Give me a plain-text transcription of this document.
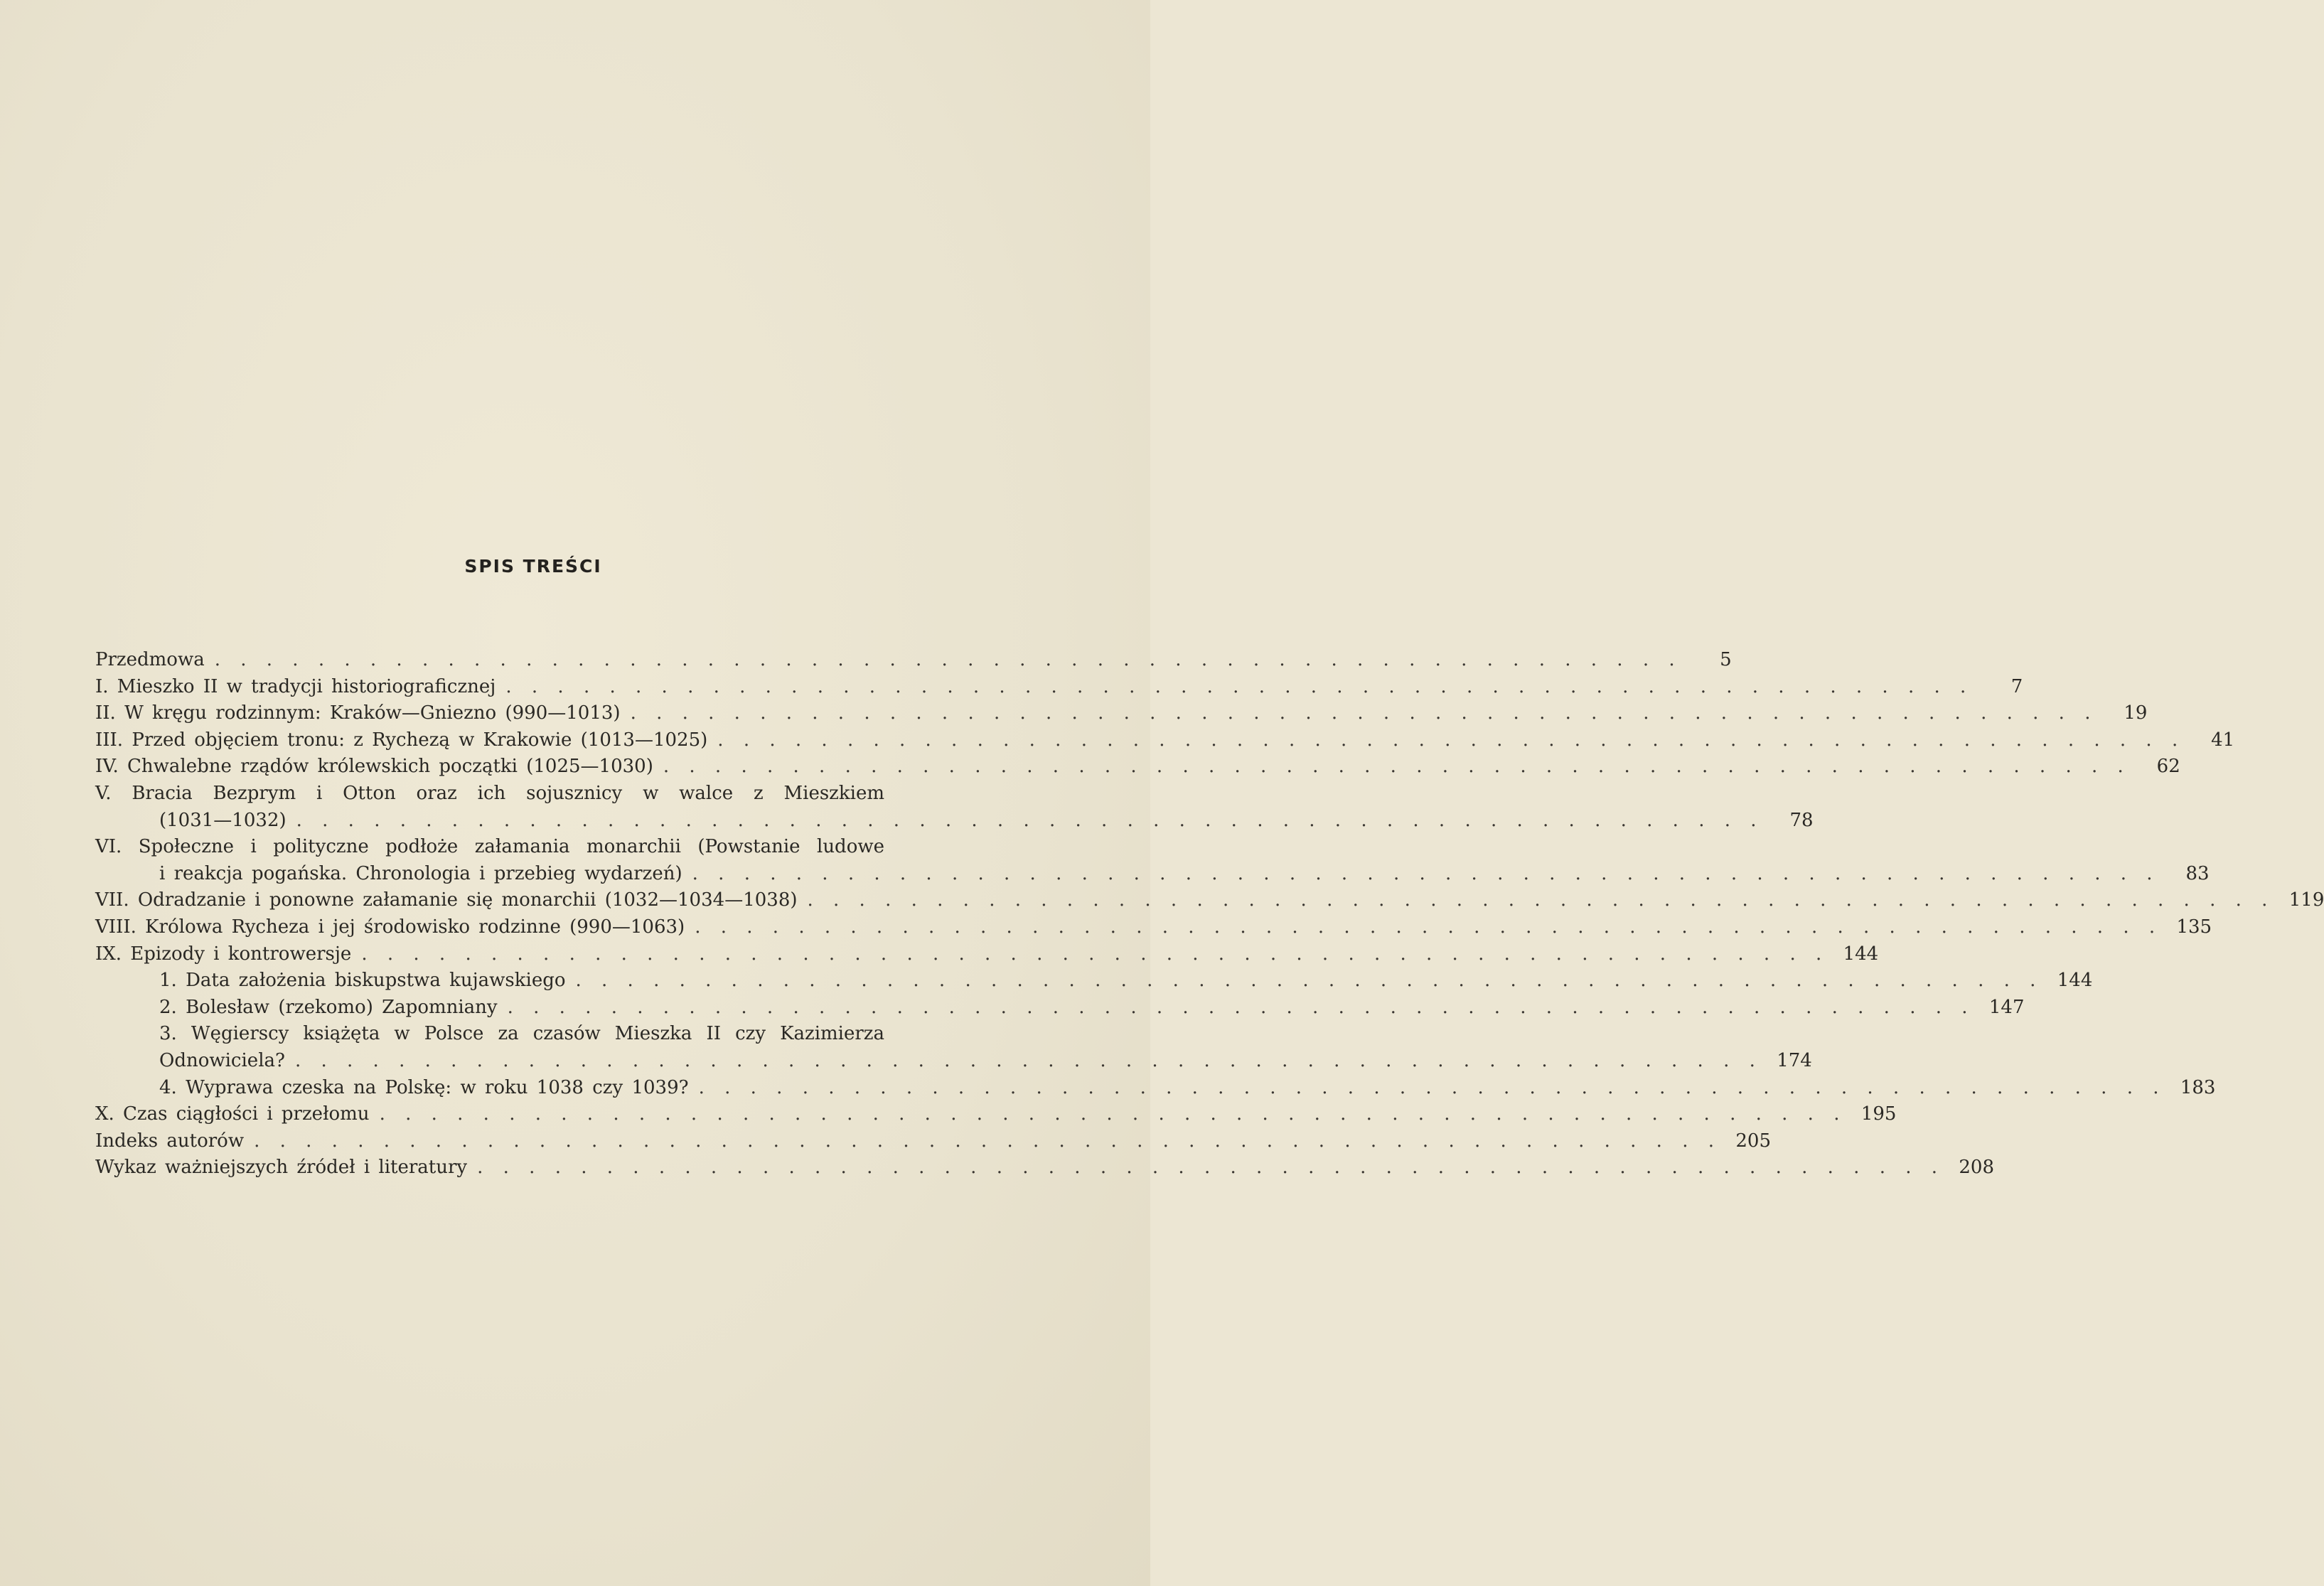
SPIS TREŚCI
Przedmowa . . . . . . . . . . . . . . . . . . . . . . . . . . . . . . . . . . . . . . . . . . . . . . . . . . . . . . . . .	5
I. Mieszko II w tradycji historiograficznej . . . . . . . . . . . . . . . . . . . . . . . . . . . . . . . . . . . . . . . . . . . . . . . . . . . . . . . . .	7
II. W kręgu rodzinnym: Kraków—Gniezno (990—1013) . . . . . . . . . . . . . . . . . . . . . . . . . . . . . . . . . . . . . . . . . . . . . . . . . . . . . . . . .	19
III. Przed objęciem tronu: z Rychezą w Krakowie (1013—1025) . . . . . . . . . . . . . . . . . . . . . . . . . . . . . . . . . . . . . . . . . . . . . . . . . . . . . . . . .	41
IV. Chwalebne rządów królewskich początki (1025—1030) . . . . . . . . . . . . . . . . . . . . . . . . . . . . . . . . . . . . . . . . . . . . . . . . . . . . . . . . .	62
V. Bracia Bezprym i Otton oraz ich sojusznicy w walce z Mieszkiem
(1031—1032) . . . . . . . . . . . . . . . . . . . . . . . . . . . . . . . . . . . . . . . . . . . . . . . . . . . . . . . . .	78
VI. Społeczne i polityczne podłoże załamania monarchii (Powstanie ludowe
i reakcja pogańska. Chronologia i przebieg wydarzeń) . . . . . . . . . . . . . . . . . . . . . . . . . . . . . . . . . . . . . . . . . . . . . . . . . . . . . . . . .	83
VII. Odradzanie i ponowne załamanie się monarchii (1032—1034—1038) . . . . . . . . . . . . . . . . . . . . . . . . . . . . . . . . . . . . . . . . . . . . . . . . . . . . . . . . . 119
VIII. Królowa Rycheza i jej środowisko rodzinne (990—1063) . . . . . . . . . . . . . . . . . . . . . . . . . . . . . . . . . . . . . . . . . . . . . . . . . . . . . . . . . 135
IX. Epizody i kontrowersje . . . . . . . . . . . . . . . . . . . . . . . . . . . . . . . . . . . . . . . . . . . . . . . . . . . . . . . . . 144
1. Data założenia biskupstwa kujawskiego . . . . . . . . . . . . . . . . . . . . . . . . . . . . . . . . . . . . . . . . . . . . . . . . . . . . . . . . . 144
2. Bolesław (rzekomo) Zapomniany . . . . . . . . . . . . . . . . . . . . . . . . . . . . . . . . . . . . . . . . . . . . . . . . . . . . . . . . . 147
3. Węgierscy książęta w Polsce za czasów Mieszka II czy Kazimierza
Odnowiciela? . . . . . . . . . . . . . . . . . . . . . . . . . . . . . . . . . . . . . . . . . . . . . . . . . . . . . . . . . 174
4. Wyprawa czeska na Polskę: w roku 1038 czy 1039? . . . . . . . . . . . . . . . . . . . . . . . . . . . . . . . . . . . . . . . . . . . . . . . . . . . . . . . . . 183
X. Czas ciągłości i przełomu . . . . . . . . . . . . . . . . . . . . . . . . . . . . . . . . . . . . . . . . . . . . . . . . . . . . . . . . . 195
Indeks autorów . . . . . . . . . . . . . . . . . . . . . . . . . . . . . . . . . . . . . . . . . . . . . . . . . . . . . . . . . 205
Wykaz ważniejszych źródeł i literatury . . . . . . . . . . . . . . . . . . . . . . . . . . . . . . . . . . . . . . . . . . . . . . . . . . . . . . . . . 208
